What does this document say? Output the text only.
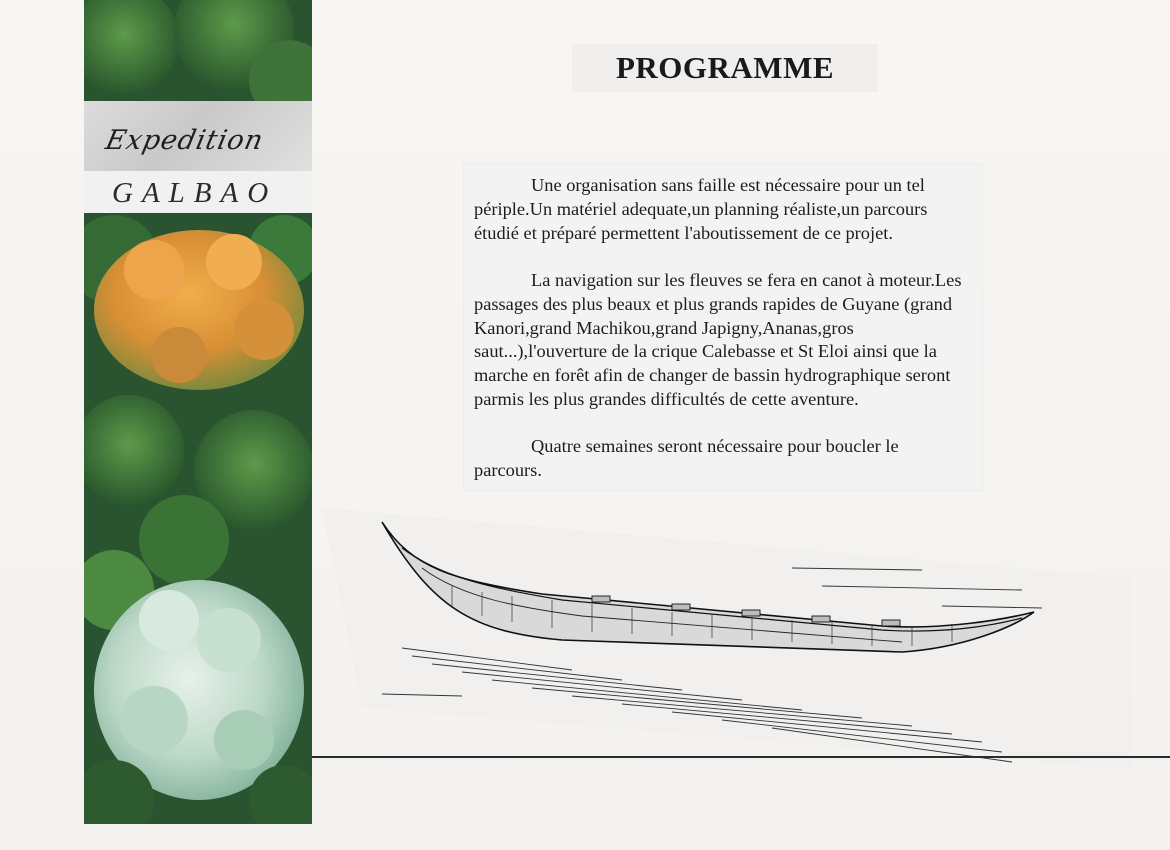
Expedition
GALBAO
PROGRAMME

Une organisation sans faille est nécessaire pour un tel périple.Un matériel adequate,un planning réaliste,un parcours étudié et préparé permettent l'aboutissement de ce projet.

La navigation sur les fleuves se fera en canot à moteur.Les passages des plus beaux et plus grands rapides de Guyane (grand Kanori,grand Machikou,grand Japigny,Ananas,gros saut...),l'ouverture de la crique Calebasse et St Eloi ainsi que la marche en forêt afin de changer de bassin hydrographique seront parmis les plus grandes difficultés de cette aventure.

Quatre semaines seront nécessaire pour boucler le parcours.
